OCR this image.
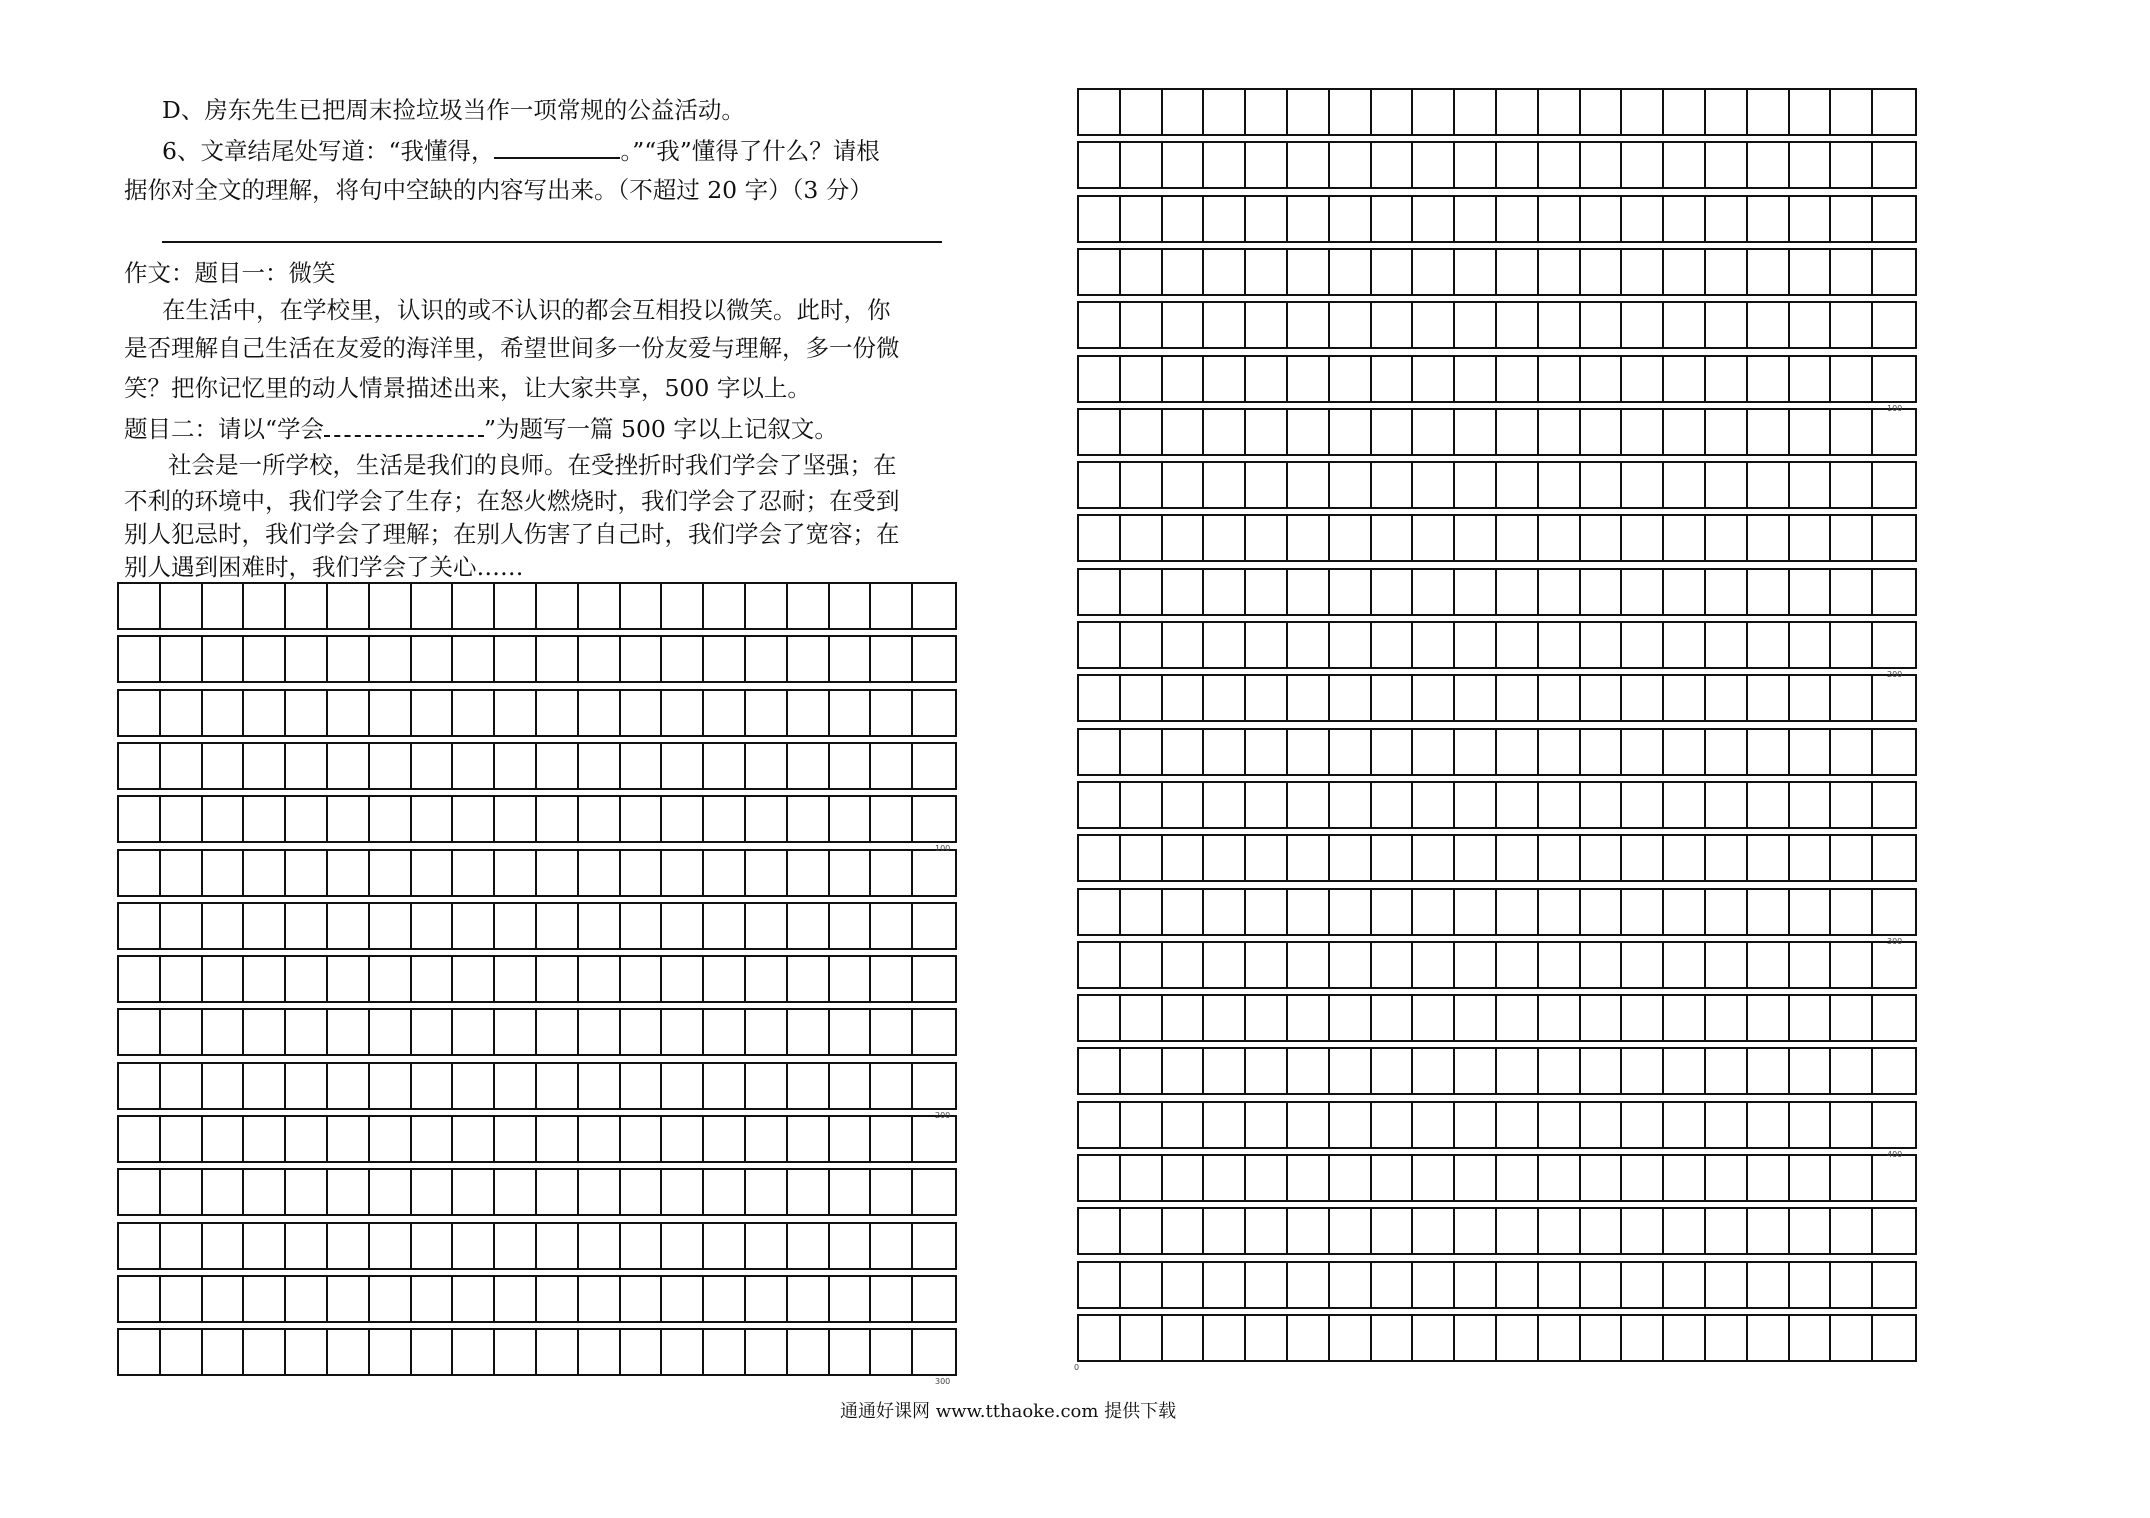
D、房东先生已把周末捡垃圾当作一项常规的公益活动。
6、文章结尾处写道：“我懂得，	。”“我”懂得了什么？请根
据你对全文的理解，将句中空缺的内容写出来。（不超过 20 字）（3 分）
作文：题目一：微笑
在生活中，在学校里，认识的或不认识的都会互相投以微笑。此时，你
是否理解自己生活在友爱的海洋里，希望世间多一份友爱与理解，多一份微
笑？把你记忆里的动人情景描述出来，让大家共享，500 字以上。
题目二：请以“学会	”为题写一篇 500 字以上记叙文。
社会是一所学校，生活是我们的良师。在受挫折时我们学会了坚强；在
不利的环境中，我们学会了生存；在怒火燃烧时，我们学会了忍耐；在受到
别人犯忌时，我们学会了理解；在别人伤害了自己时，我们学会了宽容；在
别人遇到困难时，我们学会了关心……
100
200
300
100
200
300
400
0
通通好课网 www.tthaoke.com 提供下载
